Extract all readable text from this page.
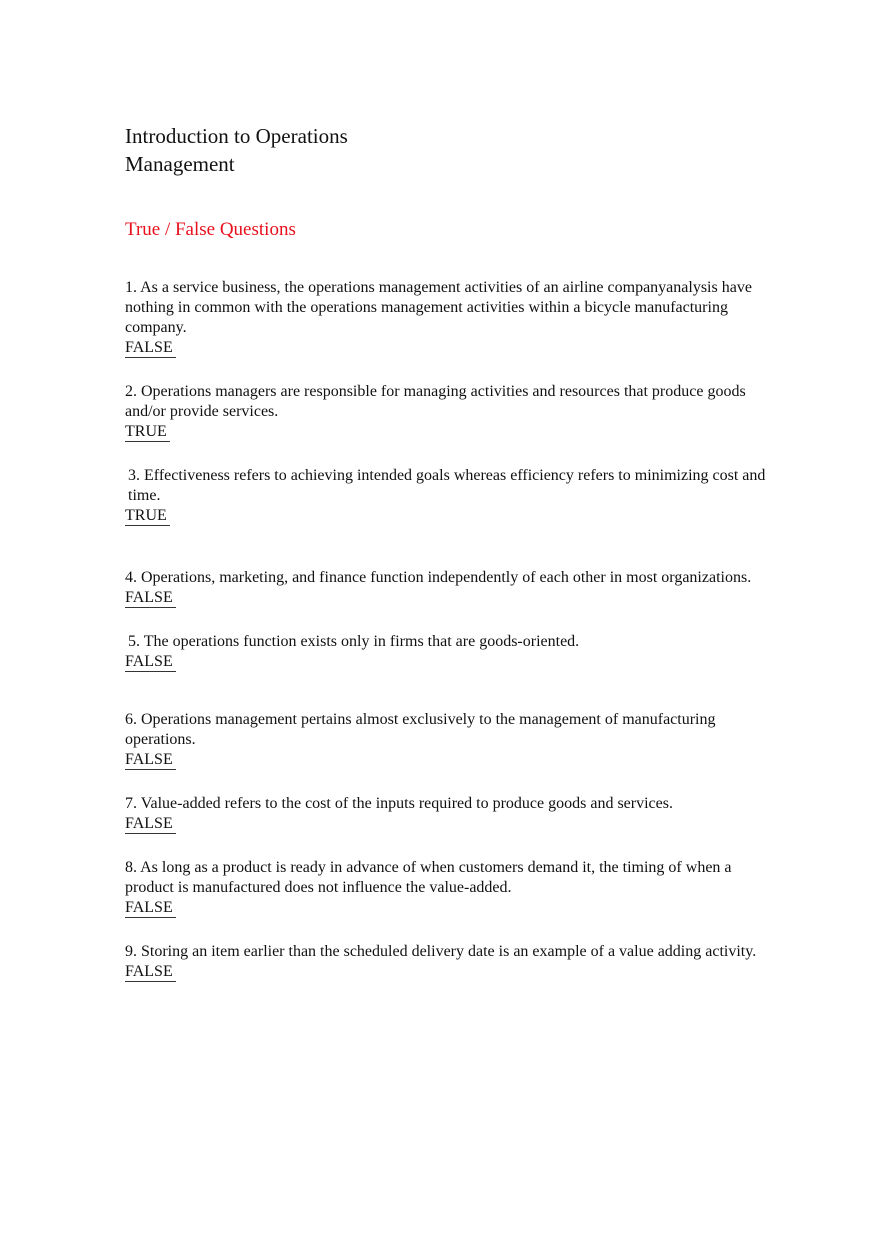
Introduction to Operations Management
True / False Questions
1. As a service business, the operations management activities of an airline companyanalysis have nothing in common with the operations management activities within a bicycle manufacturing company.
FALSE
2. Operations managers are responsible for managing activities and resources that produce goods and/or provide services.
TRUE
3. Effectiveness refers to achieving intended goals whereas efficiency refers to minimizing cost and time.
TRUE
4. Operations, marketing, and finance function independently of each other in most organizations.
FALSE
5. The operations function exists only in firms that are goods-oriented.
FALSE
6. Operations management pertains almost exclusively to the management of manufacturing operations.
FALSE
7. Value-added refers to the cost of the inputs required to produce goods and services.
FALSE
8. As long as a product is ready in advance of when customers demand it, the timing of when a product is manufactured does not influence the value-added.
FALSE
9. Storing an item earlier than the scheduled delivery date is an example of a value adding activity.
FALSE
